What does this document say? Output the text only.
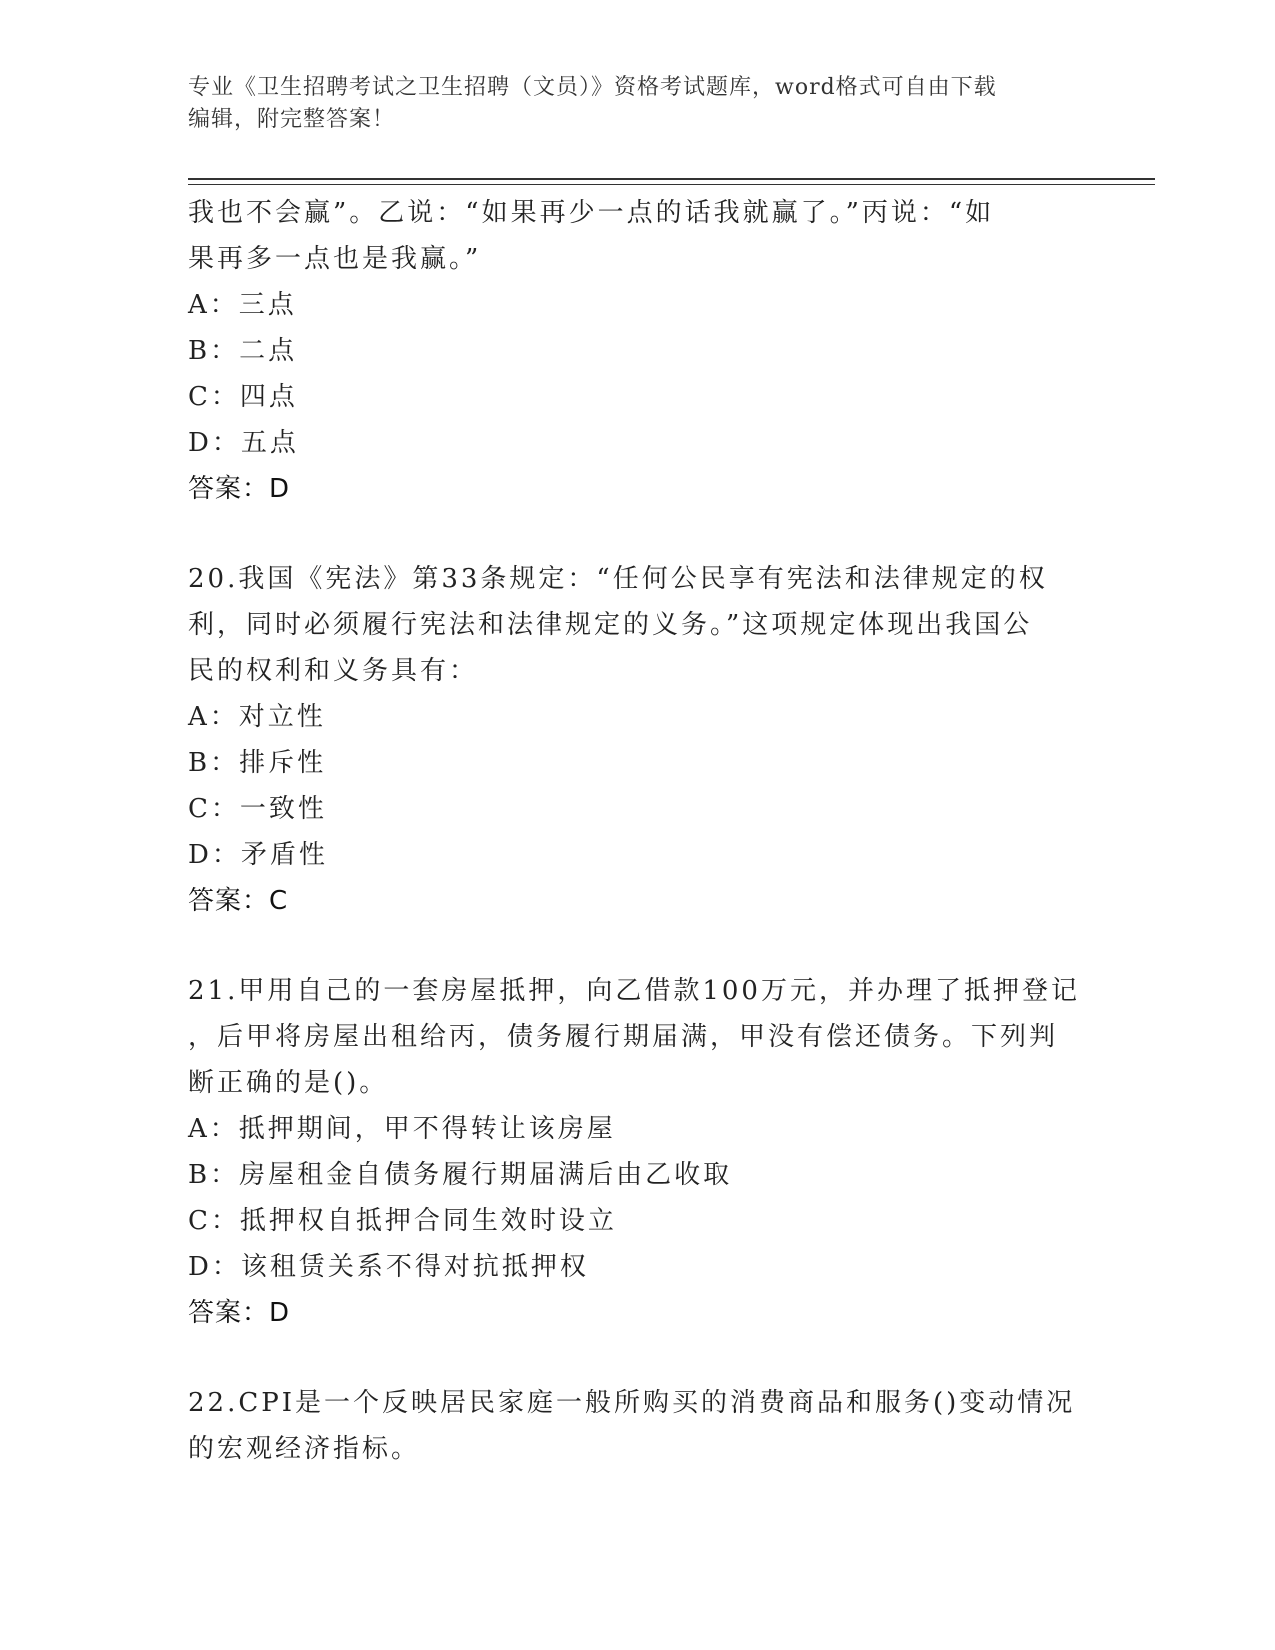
专业《卫生招聘考试之卫生招聘（文员）》资格考试题库，word格式可自由下载
编辑，附完整答案！
我也不会赢”。乙说：“如果再少一点的话我就赢了。”丙说：“如
果再多一点也是我赢。”
A：三点
B：二点
C：四点
D：五点
答案：D
20.我国《宪法》第33条规定：“任何公民享有宪法和法律规定的权
利，同时必须履行宪法和法律规定的义务。”这项规定体现出我国公
民的权利和义务具有：
A：对立性
B：排斥性
C：一致性
D：矛盾性
答案：C
21.甲用自己的一套房屋抵押，向乙借款100万元，并办理了抵押登记
，后甲将房屋出租给丙，债务履行期届满，甲没有偿还债务。下列判
断正确的是()。
A：抵押期间，甲不得转让该房屋
B：房屋租金自债务履行期届满后由乙收取
C：抵押权自抵押合同生效时设立
D：该租赁关系不得对抗抵押权
答案：D
22.CPI是一个反映居民家庭一般所购买的消费商品和服务()变动情况
的宏观经济指标。
